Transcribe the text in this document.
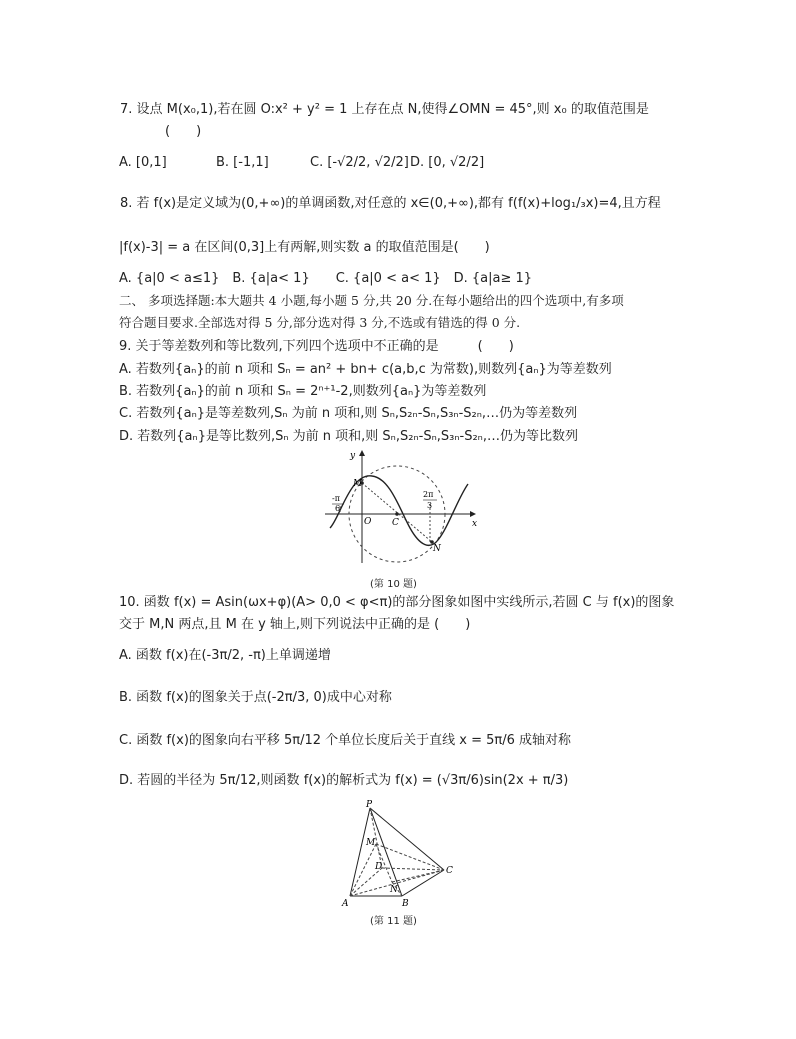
7. 设点 M(x₀,1),若在圆 O:x² + y² = 1 上存在点 N,使得∠OMN = 45°,则 x₀ 的取值范围是
(　　)
A. [0,1]	B. [-1,1]	C. [-√2/2, √2/2] D. [0, √2/2]
8. 若 f(x)是定义域为(0,+∞)的单调函数,对任意的 x∈(0,+∞),都有 f(f(x)+log₁/₃x)=4,且方程
|f(x)-3| = a 在区间(0,3]上有两解,则实数 a 的取值范围是(　　)
A. {a|0 < a≤1}　B. {a|a< 1}　　C. {a|0 < a< 1}　D. {a|a≥ 1}
二、 多项选择题:本大题共 4 小题,每小题 5 分,共 20 分.在每小题给出的四个选项中,有多项
符合题目要求.全部选对得 5 分,部分选对得 3 分,不选或有错选的得 0 分.
9. 关于等差数列和等比数列,下列四个选项中不正确的是　　　(　　)
A. 若数列{aₙ}的前 n 项和 Sₙ = an² + bn+ c(a,b,c 为常数),则数列{aₙ}为等差数列
B. 若数列{aₙ}的前 n 项和 Sₙ = 2ⁿ⁺¹-2,则数列{aₙ}为等差数列
C. 若数列{aₙ}是等差数列,Sₙ 为前 n 项和,则 Sₙ,S₂ₙ-Sₙ,S₃ₙ-S₂ₙ,…仍为等差数列
D. 若数列{aₙ}是等比数列,Sₙ 为前 n 项和,则 Sₙ,S₂ₙ-Sₙ,S₃ₙ-S₂ₙ,…仍为等比数列
y
x
M
O C
N
-π
6
2π
3
(第 10 题)
10. 函数 f(x) = Asin(ωx+φ)(A> 0,0 < φ<π)的部分图象如图中实线所示,若圆 C 与 f(x)的图象
交于 M,N 两点,且 M 在 y 轴上,则下列说法中正确的是 (　　)
A. 函数 f(x)在(-3π/2, -π)上单调递增
B. 函数 f(x)的图象关于点(-2π/3, 0)成中心对称
C. 函数 f(x)的图象向右平移 5π/12 个单位长度后关于直线 x = 5π/6 成轴对称
D. 若圆的半径为 5π/12,则函数 f(x)的解析式为 f(x) = (√3π/6)sin(2x + π/3)
P
M
D
N
A	B
C
(第 11 题)
